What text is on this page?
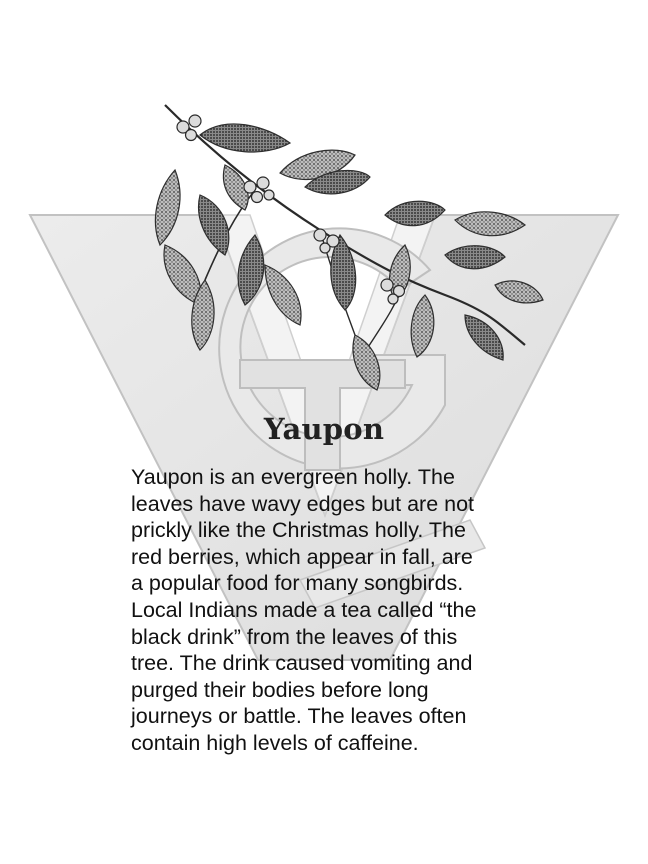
Yaupon

Yaupon is an evergreen holly. The
leaves have wavy edges but are not
prickly like the Christmas holly. The
red berries, which appear in fall, are
a popular food for many songbirds.
Local Indians made a tea called “the
black drink” from the leaves of this
tree. The drink caused vomiting and
purged their bodies before long
journeys or battle. The leaves often
contain high levels of caffeine.
